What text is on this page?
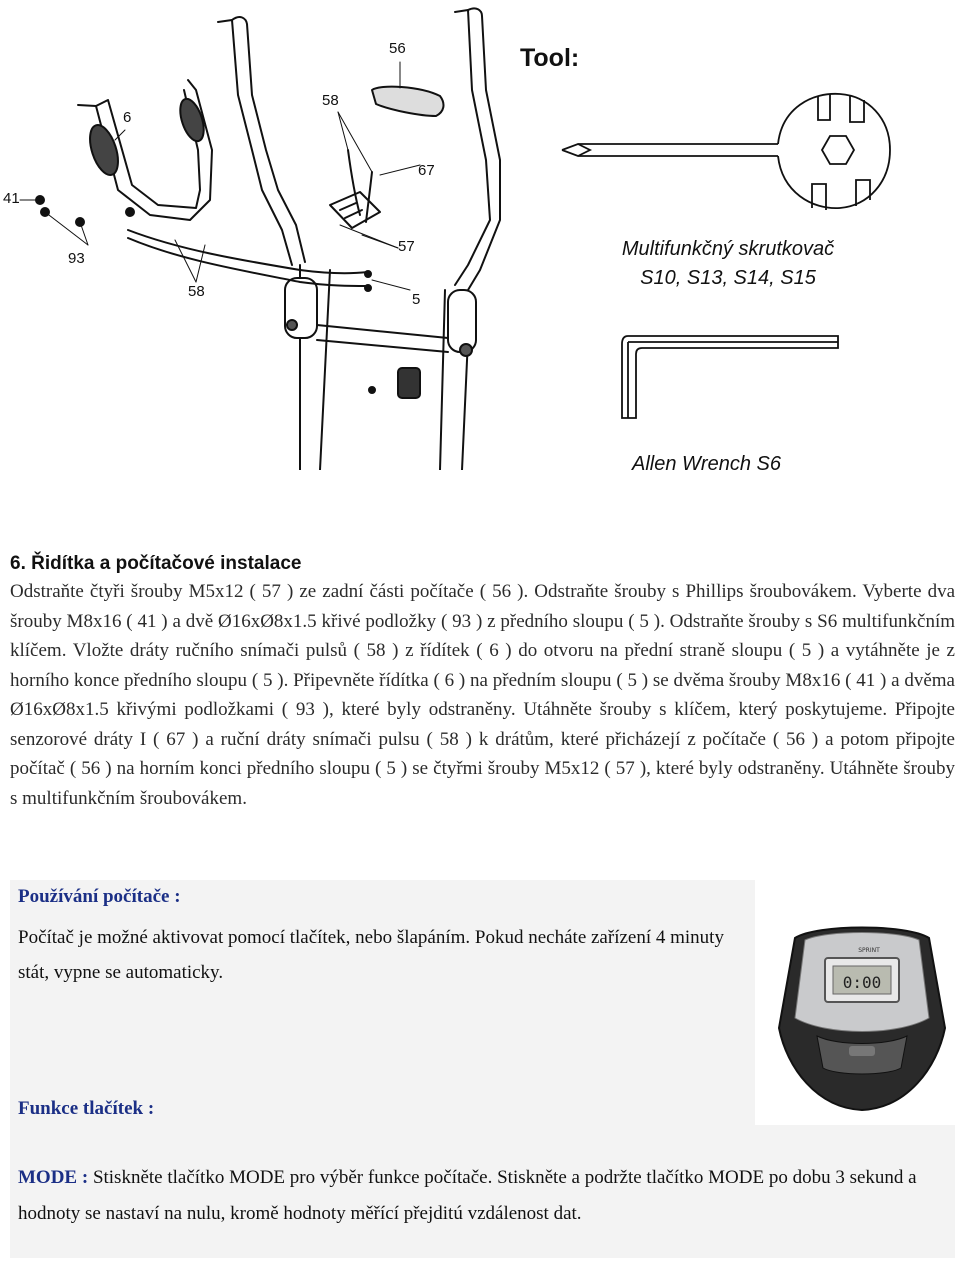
41
6
58
56
67
93
58
57
5
Tool:
Multifunkčný skrutkovač
S10, S13, S14, S15
Allen Wrench S6
6. Řidítka a počítačové instalace

Odstraňte čtyři šrouby M5x12 ( 57 ) ze zadní části počítače ( 56 ). Odstraňte šrouby s Phillips šroubovákem. Vyberte dva šrouby M8x16 ( 41 ) a dvě Ø16xØ8x1.5 křivé podložky ( 93 ) z předního sloupu ( 5 ). Odstraňte šrouby s S6 multifunkčním klíčem. Vložte dráty ručního snímači pulsů ( 58 ) z řídítek ( 6 ) do otvoru na přední straně sloupu ( 5 ) a vytáhněte je z horního konce předního sloupu ( 5 ). Připevněte řídítka ( 6 ) na předním sloupu ( 5 ) se dvěma šrouby M8x16 ( 41 ) a dvěma Ø16xØ8x1.5 křivými podložkami ( 93 ), které byly odstraněny. Utáhněte šrouby s klíčem, který poskytujeme. Připojte senzorové dráty I ( 67 ) a ruční dráty snímači pulsu ( 58 ) k drátům, které přicházejí z počítače ( 56 ) a potom připojte počítač ( 56 ) na horním konci předního sloupu ( 5 ) se čtyřmi šrouby M5x12 ( 57 ), které byly odstraněny. Utáhněte šrouby s multifunkčním šroubovákem.

Používání počítače :
Počítač je možné aktivovat pomocí tlačítek, nebo šlapáním. Pokud necháte zařízení 4 minuty stát, vypne se automaticky.	0:00
SPRINT
Funkce tlačítek :
MODE : Stiskněte tlačítko MODE pro výběr funkce počítače. Stiskněte a podržte tlačítko MODE po dobu 3 sekund a hodnoty se nastaví na nulu, kromě hodnoty měřící přejditú vzdálenost dat.
